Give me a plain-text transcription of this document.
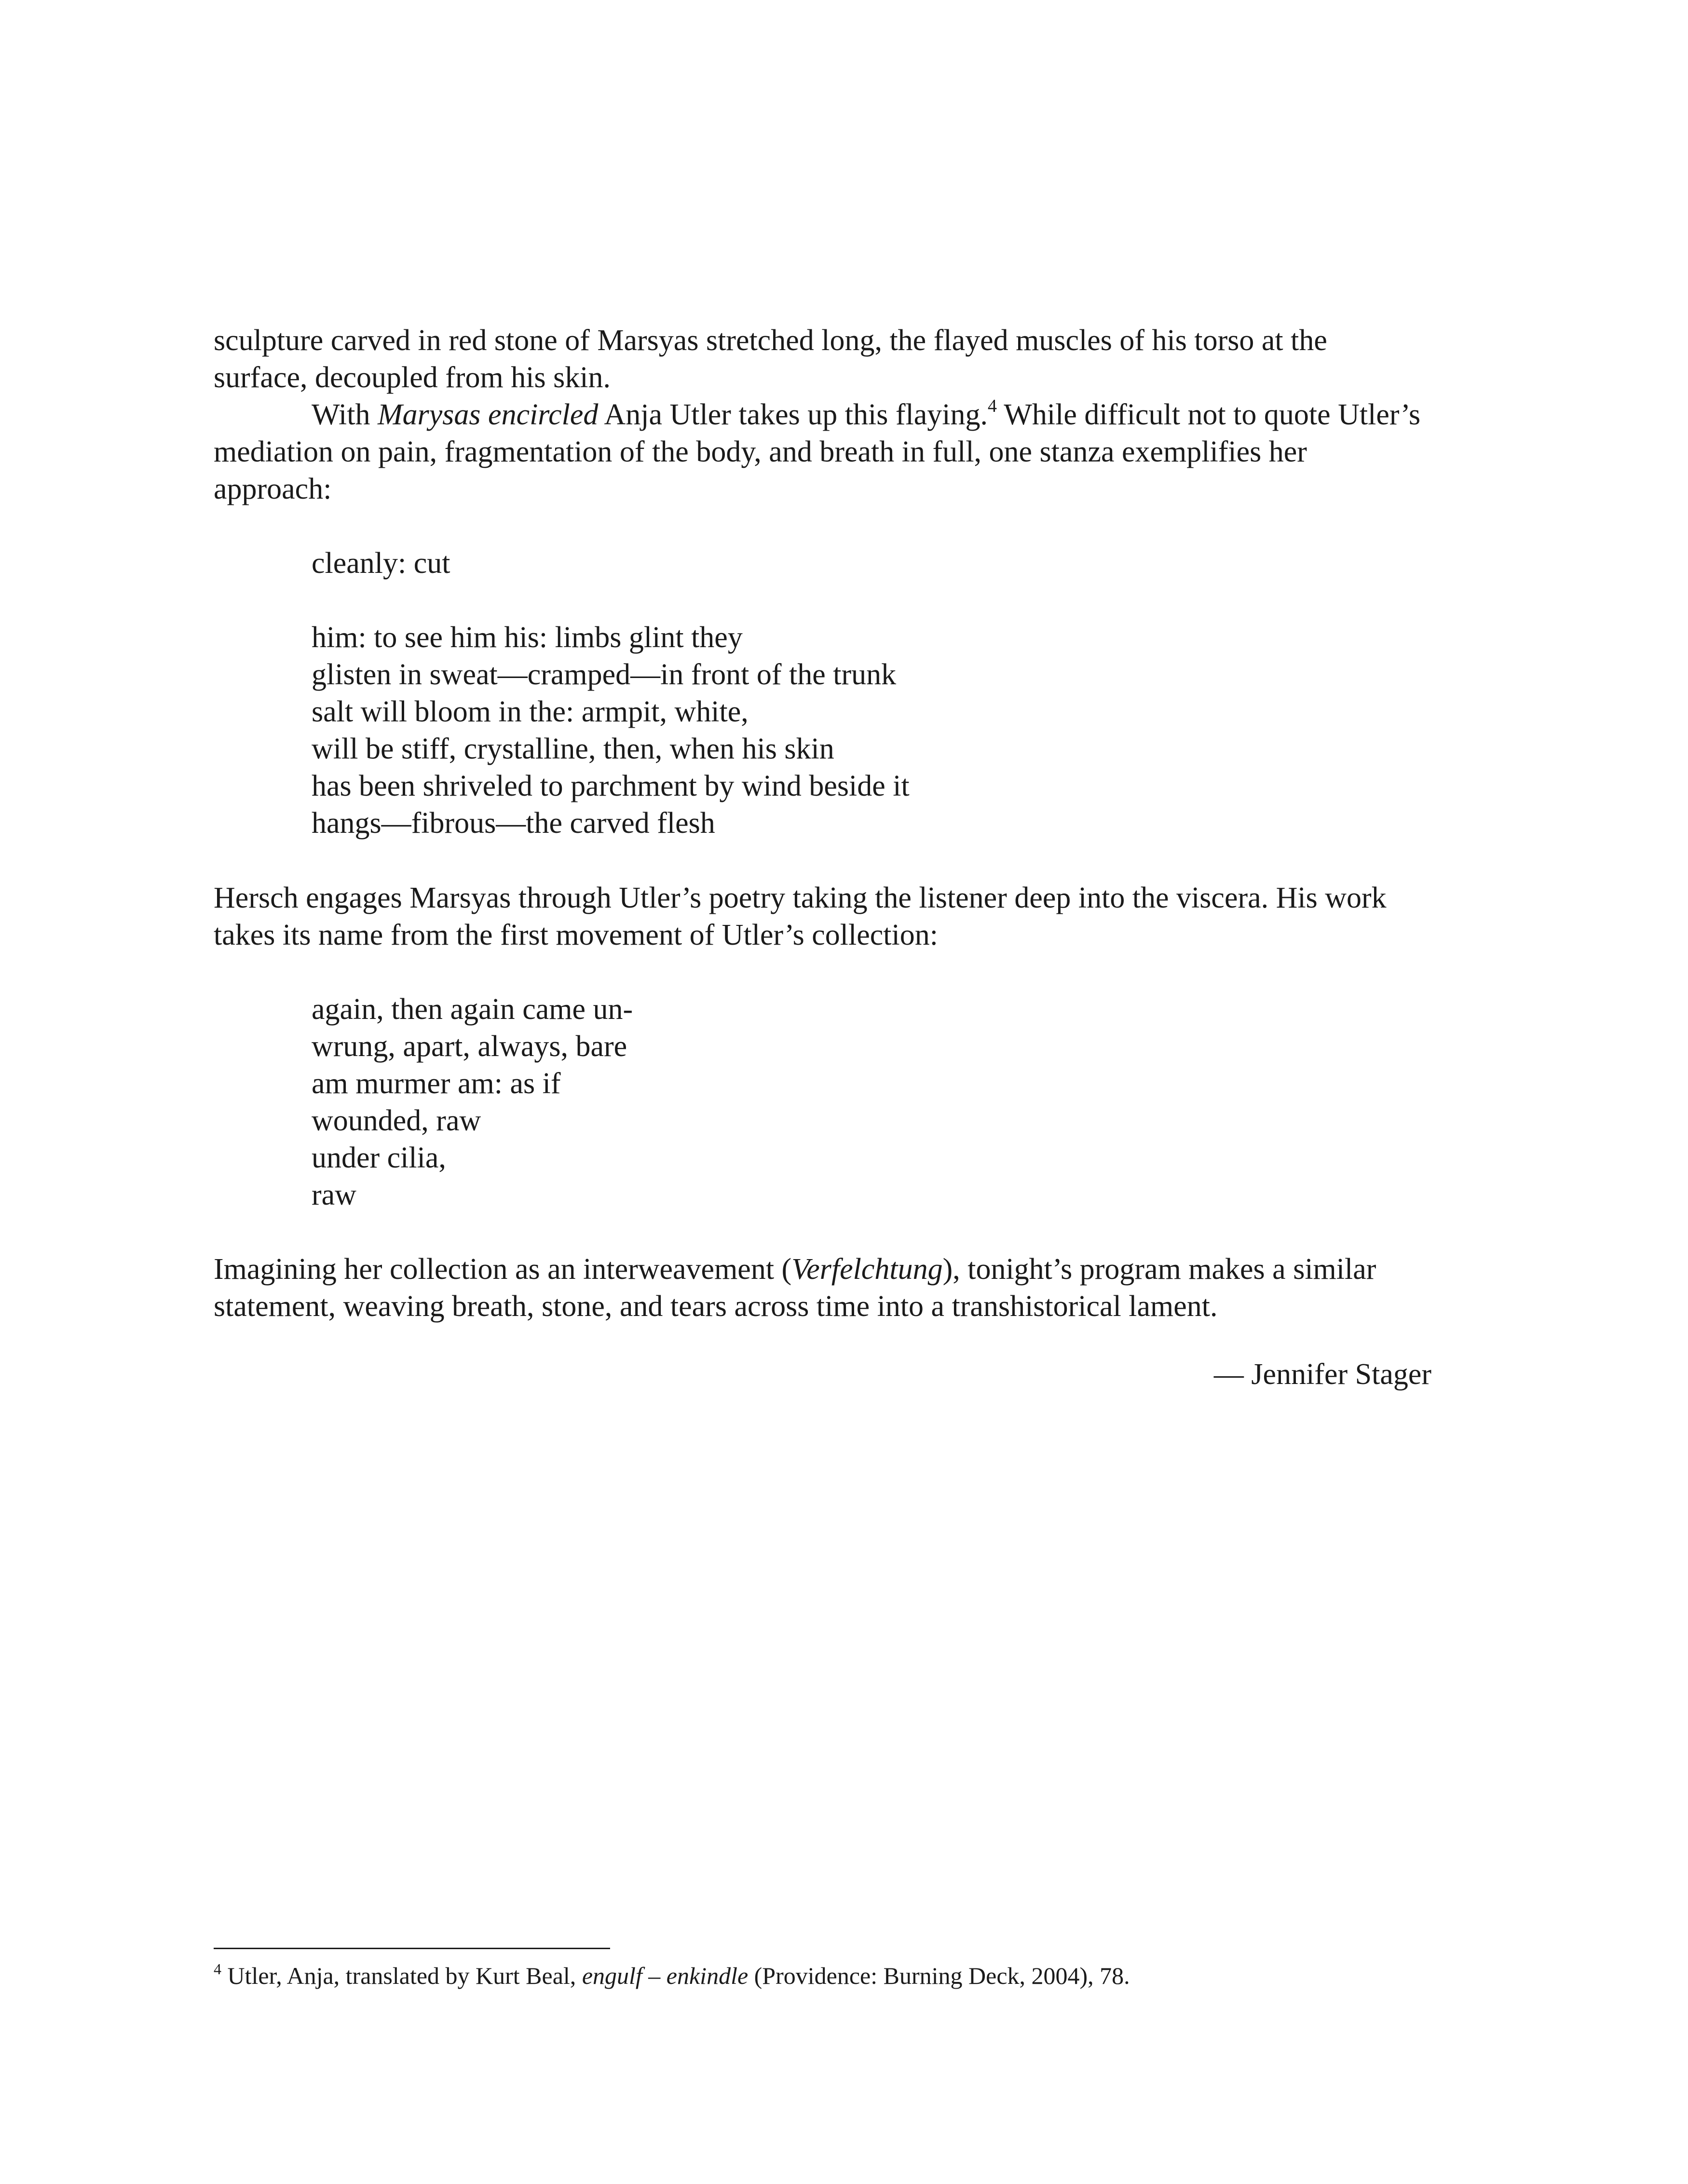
sculpture carved in red stone of Marsyas stretched long, the flayed muscles of his torso at the
surface, decoupled from his skin.
With Marysas encircled Anja Utler takes up this flaying.$^4$ While difficult not to quote Utler’s
mediation on pain, fragmentation of the body, and breath in full, one stanza exemplifies her
approach:
cleanly: cut
him: to see him his: limbs glint they
glisten in sweat—cramped—in front of the trunk
salt will bloom in the: armpit, white,
will be stiff, crystalline, then, when his skin
has been shriveled to parchment by wind beside it
hangs—fibrous—the carved flesh
Hersch engages Marsyas through Utler’s poetry taking the listener deep into the viscera. His work
takes its name from the first movement of Utler’s collection:
again, then again came un-
wrung, apart, always, bare
am murmer am: as if
wounded, raw
under cilia,
raw
Imagining her collection as an interweavement (Verfelchtung), tonight’s program makes a similar
statement, weaving breath, stone, and tears across time into a transhistorical lament.
— Jennifer Stager
$^4$ Utler, Anja, translated by Kurt Beal, engulf – enkindle (Providence: Burning Deck, 2004), 78.
